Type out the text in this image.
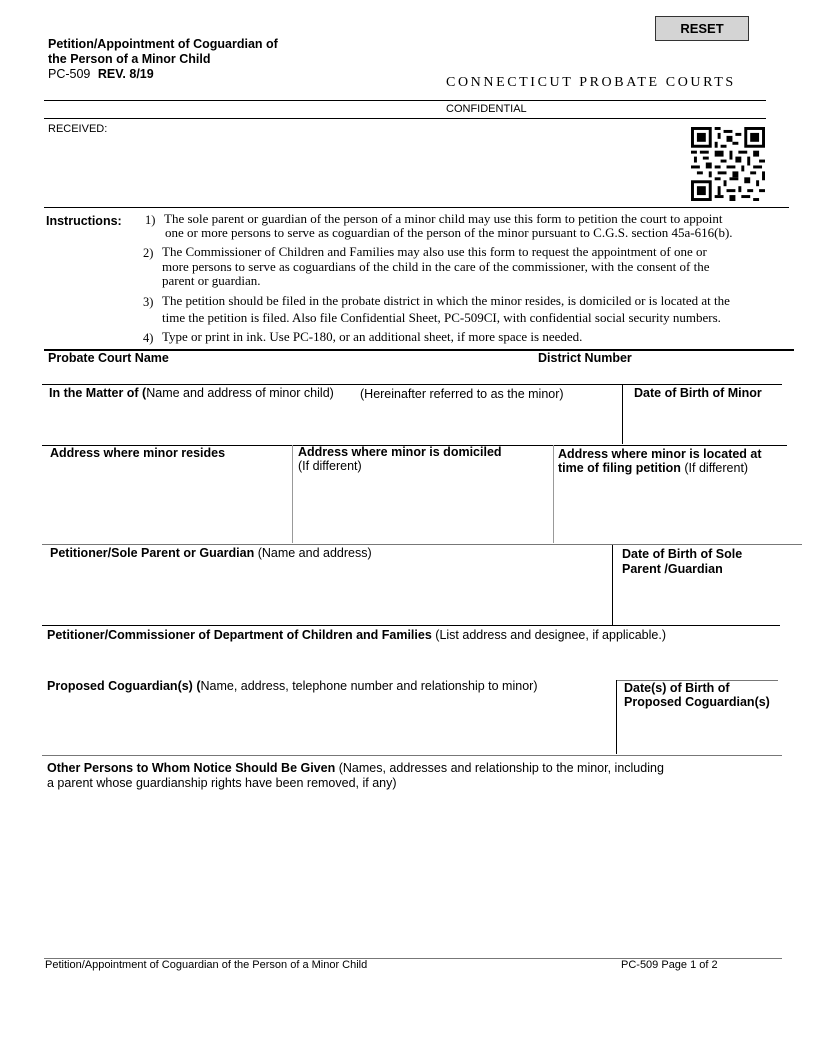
Petition/Appointment of Coguardian of
the Person of a Minor Child
PC-509 REV. 8/19
RESET
CONNECTICUT PROBATE COURTS
CONFIDENTIAL
RECEIVED:
Instructions: 1) The sole parent or guardian of the person of a minor child may use this form to petition the court to appoint
one or more persons to serve as coguardian of the person of the minor pursuant to C.G.S. section 45a-616(b).
2) The Commissioner of Children and Families may also use this form to request the appointment of one or
more persons to serve as coguardians of the child in the care of the commissioner, with the consent of the
parent or guardian.
3) The petition should be filed in the probate district in which the minor resides, is domiciled or is located at the
time the petition is filed. Also file Confidential Sheet, PC-509CI, with confidential social security numbers.
4) Type or print in ink. Use PC-180, or an additional sheet, if more space is needed.
Probate Court Name	District Number
In the Matter of (Name and address of minor child) (Hereinafter referred to as the minor)	Date of Birth of Minor
Address where minor resides	Address where minor is domiciled
(If different)
Address where minor is located at
time of filing petition (If different)
Petitioner/Sole Parent or Guardian (Name and address)	Date of Birth of Sole
Parent /Guardian
Petitioner/Commissioner of Department of Children and Families (List address and designee, if applicable.)
Proposed Coguardian(s) (Name, address, telephone number and relationship to minor)	Date(s) of Birth of
Proposed Coguardian(s)
Other Persons to Whom Notice Should Be Given (Names, addresses and relationship to the minor, including
a parent whose guardianship rights have been removed, if any)
Petition/Appointment of Coguardian of the Person of a Minor Child	PC-509 Page 1 of 2
